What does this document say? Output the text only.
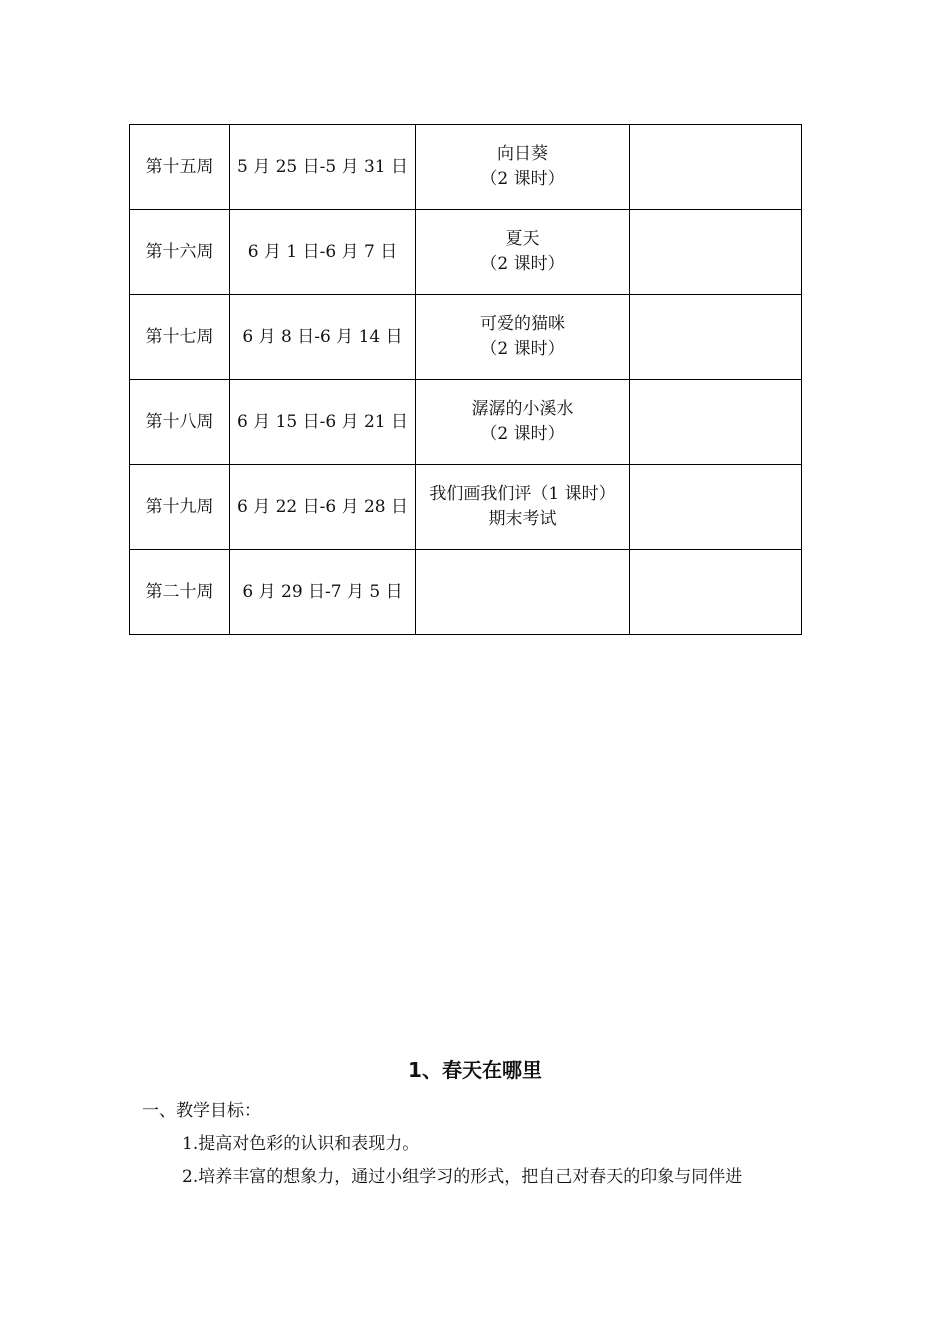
第十五周	5 月 25 日-5 月 31 日	向日葵
（2 课时）	

第十六周	6 月 1 日-6 月 7 日	夏天
（2 课时）	

第十七周	6 月 8 日-6 月 14 日	可爱的猫咪
（2 课时）	

第十八周	6 月 15 日-6 月 21 日	潺潺的小溪水
（2 课时）	

第十九周	6 月 22 日-6 月 28 日	我们画我们评（1 课时）
期末考试	

第二十周	6 月 29 日-7 月 5 日	

1、春天在哪里

一、教学目标：

1.提高对色彩的认识和表现力。

2.培养丰富的想象力，通过小组学习的形式，把自己对春天的印象与同伴进
